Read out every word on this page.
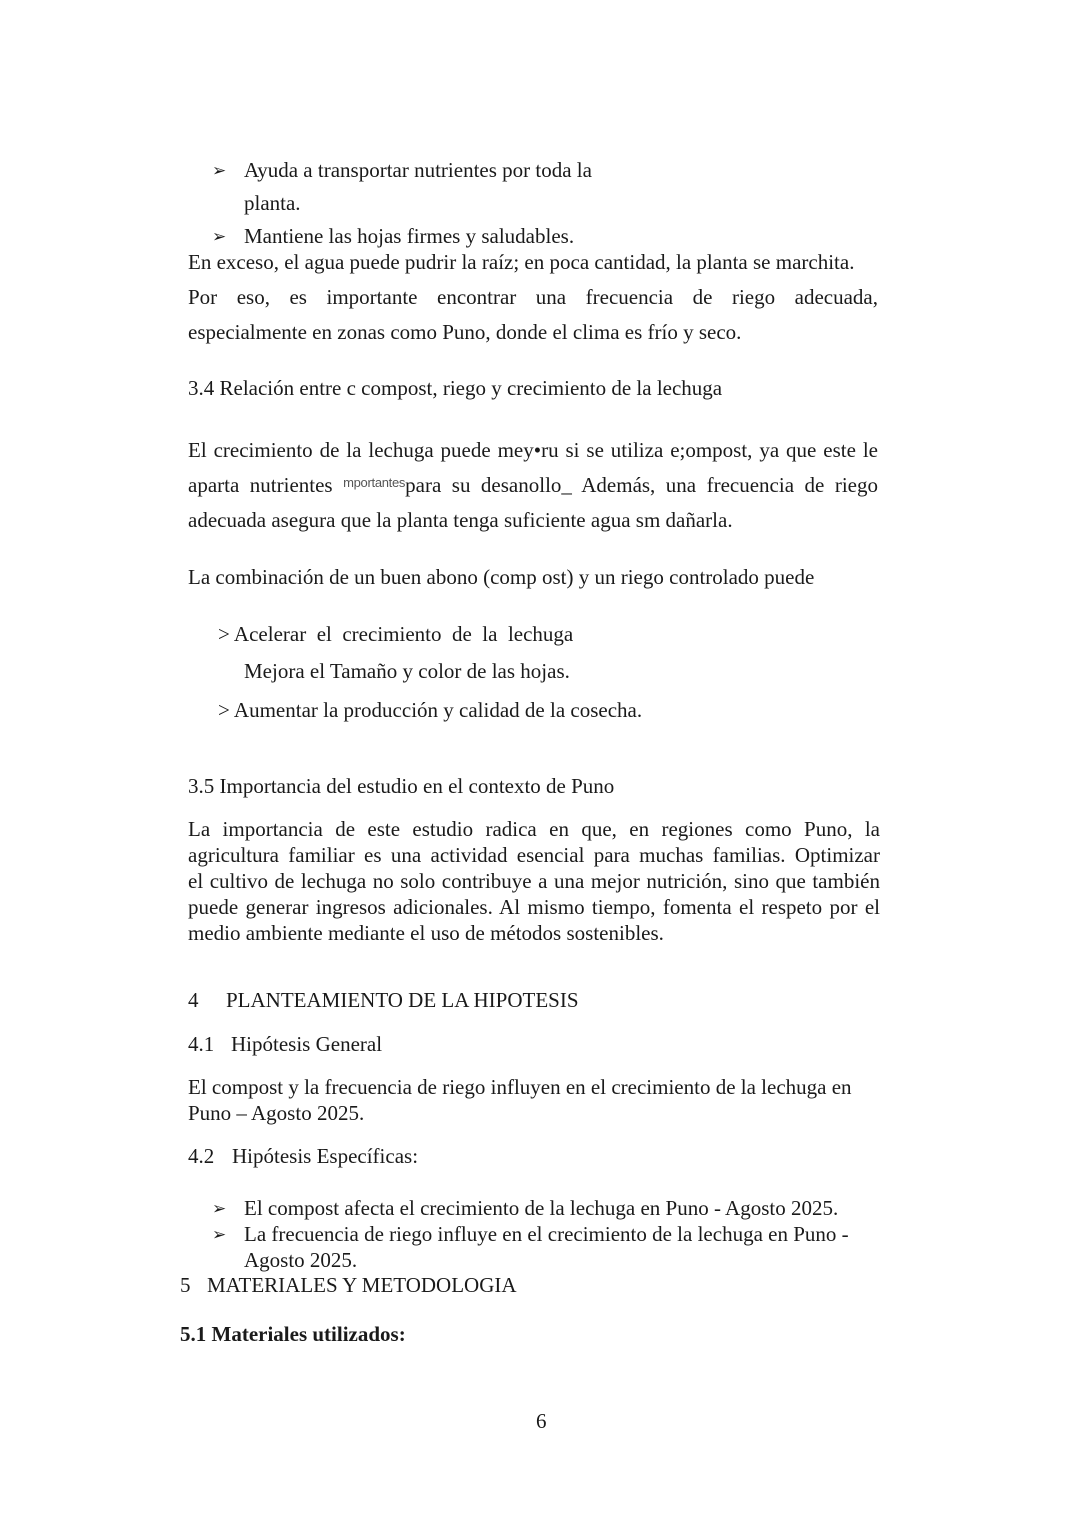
➢ Ayuda a transportar nutrientes por toda la
planta.
➢ Mantiene las hojas firmes y saludables.
En exceso, el agua puede pudrir la raíz; en poca cantidad, la planta se marchita.
Por eso, es importante encontrar una frecuencia de riego adecuada,
especialmente en zonas como Puno, donde el clima es frío y seco.
3.4 Relación entre c compost, riego y crecimiento de la lechuga
El crecimiento de la lechuga puede mey•ru si se utiliza e;ompost, ya que este le
aparta nutrientes $^{mportantes}$para su desanollo_ Además, una frecuencia de riego
adecuada asegura que la planta tenga suficiente agua sm dañarla.
La combinación de un buen abono (comp ost) y un riego controlado puede
> Acelerar  el  crecimiento  de  la  lechuga
Mejora el Tamaño y color de las hojas.
> Aumentar la producción y calidad de la cosecha.
3.5 Importancia del estudio en el contexto de Puno
La importancia de este estudio radica en que, en regiones como Puno, la
agricultura familiar es una actividad esencial para muchas familias. Optimizar
el cultivo de lechuga no solo contribuye a una mejor nutrición, sino que también
puede generar ingresos adicionales. Al mismo tiempo, fomenta el respeto por el
medio ambiente mediante el uso de métodos sostenibles.
4 PLANTEAMIENTO DE LA HIPOTESIS
4.1 Hipótesis General
El compost y la frecuencia de riego influyen en el crecimiento de la lechuga en
Puno – Agosto 2025.
4.2 Hipótesis Específicas:
➢ El compost afecta el crecimiento de la lechuga en Puno - Agosto 2025.
➢ La frecuencia de riego influye en el crecimiento de la lechuga en Puno -
Agosto 2025.
5 MATERIALES Y METODOLOGIA
5.1 Materiales utilizados:
6
